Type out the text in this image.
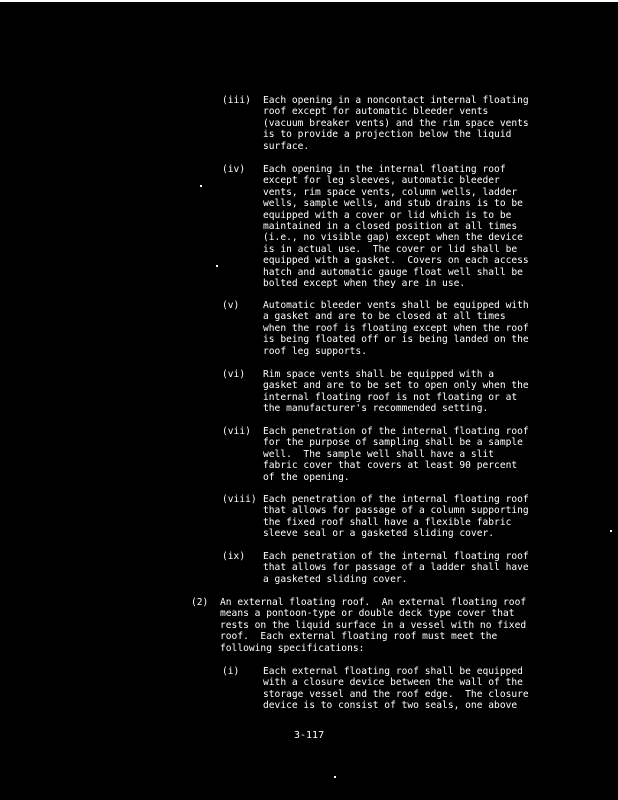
(iii) Each opening in a noncontact internal floating
roof except for automatic bleeder vents
(vacuum breaker vents) and the rim space vents
is to provide a projection below the liquid
surface.
(iv) Each opening in the internal floating roof
except for leg sleeves, automatic bleeder
vents, rim space vents, column wells, ladder
wells, sample wells, and stub drains is to be
equipped with a cover or lid which is to be
maintained in a closed position at all times
(i.e., no visible gap) except when the device
is in actual use.  The cover or lid shall be
equipped with a gasket.  Covers on each access
hatch and automatic gauge float well shall be
bolted except when they are in use.
(v) Automatic bleeder vents shall be equipped with
a gasket and are to be closed at all times
when the roof is floating except when the roof
is being floated off or is being landed on the
roof leg supports.
(vi) Rim space vents shall be equipped with a
gasket and are to be set to open only when the
internal floating roof is not floating or at
the manufacturer's recommended setting.
(vii) Each penetration of the internal floating roof
for the purpose of sampling shall be a sample
well.  The sample well shall have a slit
fabric cover that covers at least 90 percent
of the opening.
(viii) Each penetration of the internal floating roof
that allows for passage of a column supporting
the fixed roof shall have a flexible fabric
sleeve seal or a gasketed sliding cover.
(ix) Each penetration of the internal floating roof
that allows for passage of a ladder shall have
a gasketed sliding cover.
(2) An external floating roof.  An external floating roof
means a pontoon-type or double deck type cover that
rests on the liquid surface in a vessel with no fixed
roof.  Each external floating roof must meet the
following specifications:
(i) Each external floating roof shall be equipped
with a closure device between the wall of the
storage vessel and the roof edge.  The closure
device is to consist of two seals, one above
3-117
